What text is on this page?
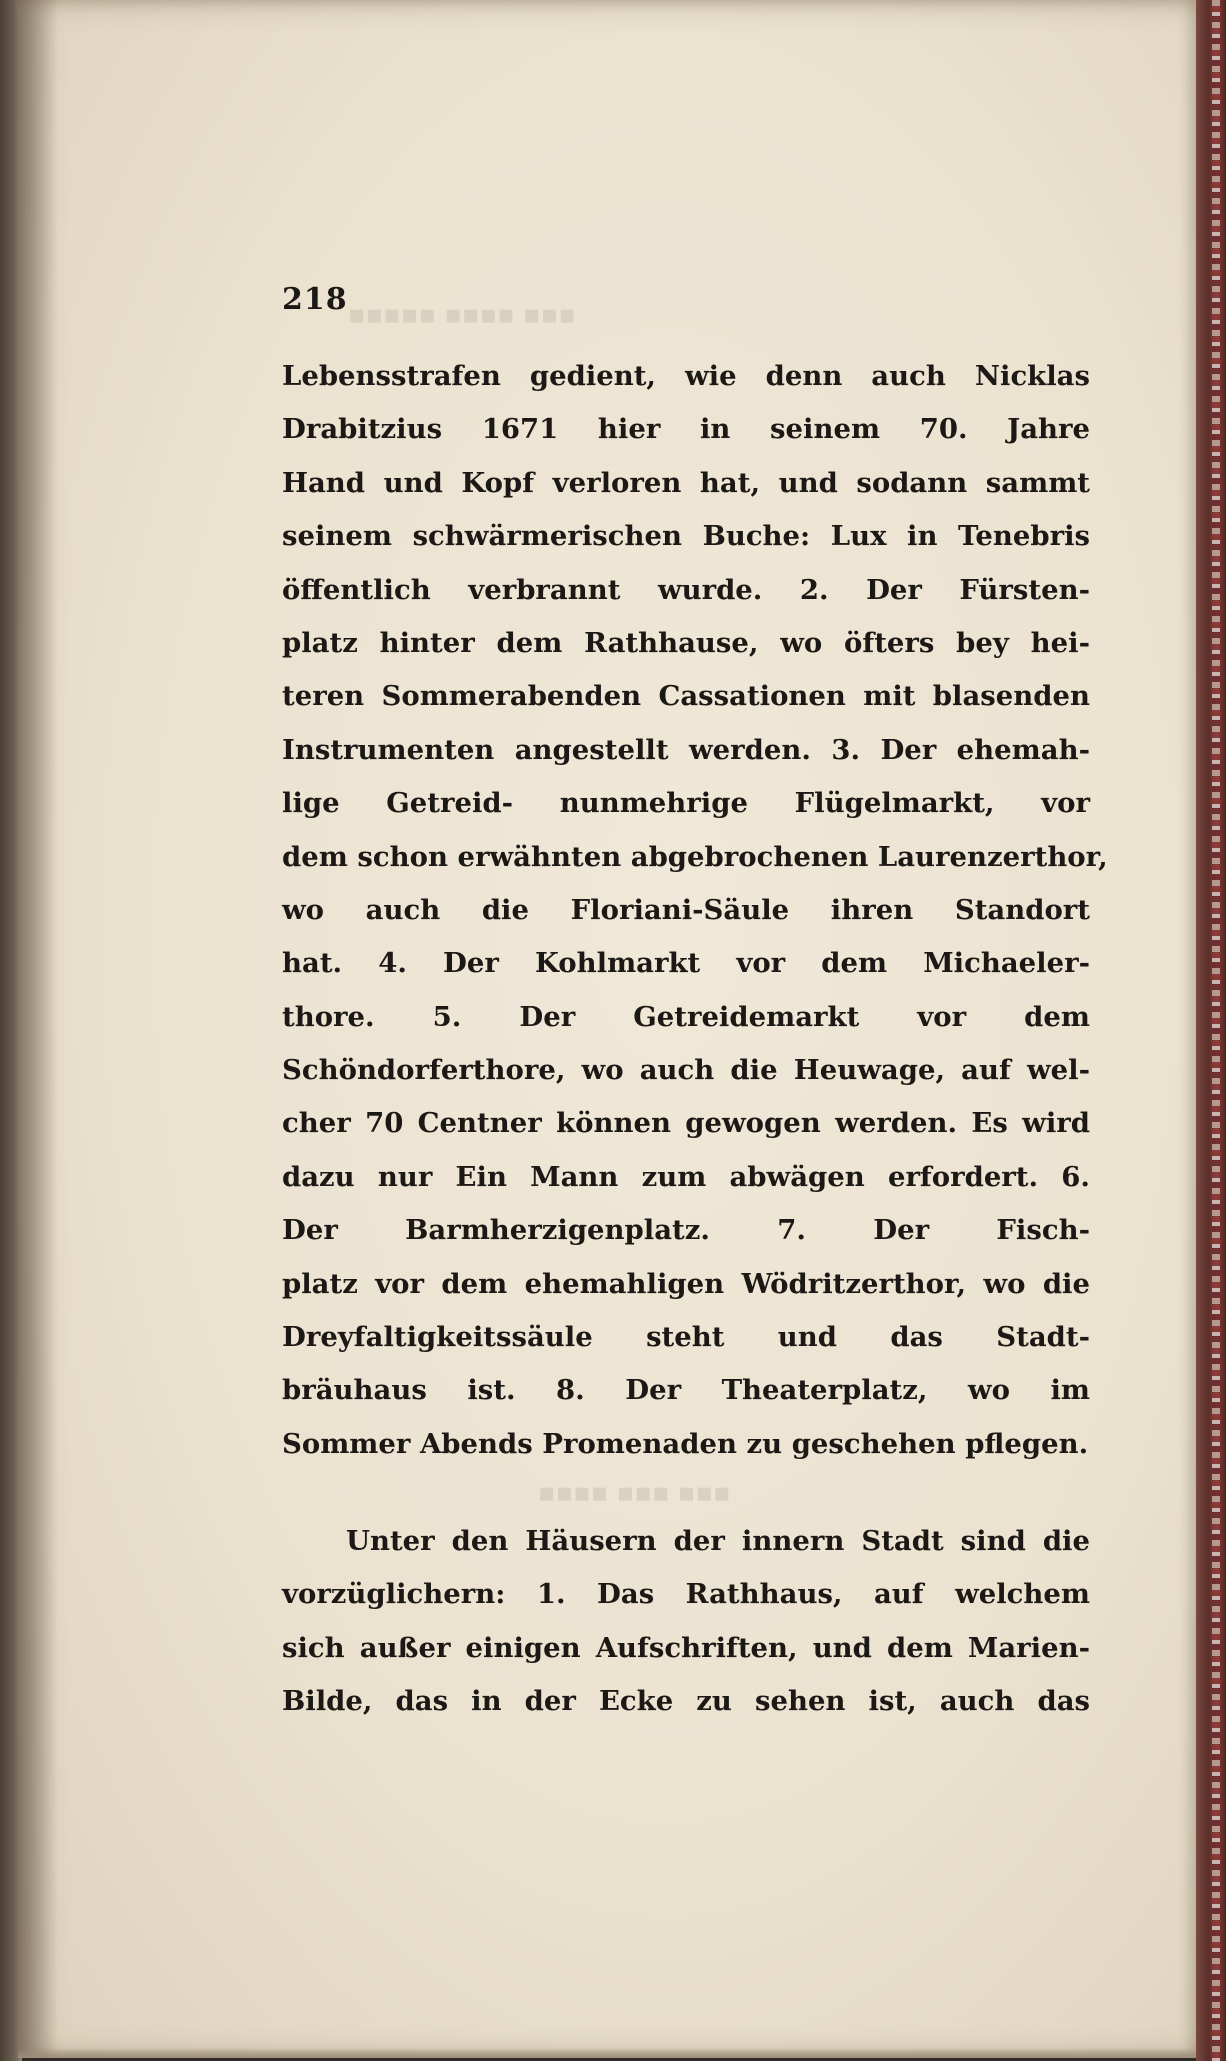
▪▪▪ ▪▪▪▪ ▪▪▪▪▪
▪▪▪ ▪▪▪ ▪▪▪▪

218

Lebensstrafen gedient, wie denn auch Nicklas
Drabitzius 1671 hier in seinem 70. Jahre
Hand und Kopf verloren hat, und sodann sammt
seinem schwärmerischen Buche: Lux in Tenebris
öffentlich verbrannt wurde. 2. Der Fürsten-
platz hinter dem Rathhause, wo öfters bey hei-
teren Sommerabenden Cassationen mit blasenden
Instrumenten angestellt werden. 3. Der ehemah-
lige Getreid- nunmehrige Flügelmarkt, vor
dem schon erwähnten abgebrochenen Laurenzerthor,
wo auch die Floriani-Säule ihren Standort
hat. 4. Der Kohlmarkt vor dem Michaeler-
thore. 5. Der Getreidemarkt vor dem
Schöndorferthore, wo auch die Heuwage, auf wel-
cher 70 Centner können gewogen werden. Es wird
dazu nur Ein Mann zum abwägen erfordert. 6.
Der Barmherzigenplatz. 7. Der Fisch-
platz vor dem ehemahligen Wödritzerthor, wo die
Dreyfaltigkeitssäule steht und das Stadt-
bräuhaus ist. 8. Der Theaterplatz, wo im
Sommer Abends Promenaden zu geschehen pflegen.
Unter den Häusern der innern Stadt sind die
vorzüglichern: 1. Das Rathhaus, auf welchem
sich außer einigen Aufschriften, und dem Marien-
Bilde, das in der Ecke zu sehen ist, auch das
